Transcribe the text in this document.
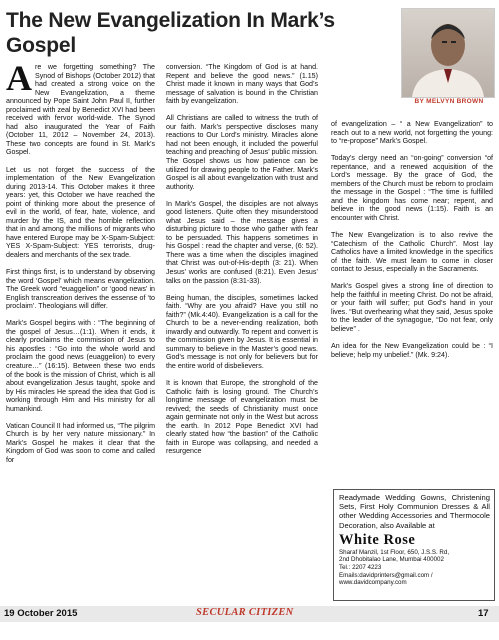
The New Evangelization In Mark’s Gospel
BY MELVYN BROWN

Are we forgetting something? The Synod of Bishops (October 2012) that had created a strong voice on the New Evangelization, a theme announced by Pope Saint John Paul II, further proclaimed with zeal by Benedict XVI had been received with fervor world-wide. The Synod had also inaugurated the Year of Faith (October 11, 2012 – November 24, 2013). These two concepts are found in St. Mark’s Gospel.

Let us not forget the success of the implementation of the New Evangelization during 2013-14. This October makes it three years: yet, this October we have reached the point of thinking more about the presence of evil in the world, of fear, hate, violence, and murder by the IS, and the horrible reflection that in and among the millions of migrants who have entered Europe may be X-Spam-Subject: YES X-Spam-Subject: YES terrorists, drug-dealers and merchants of the sex trade.

First things first, is to understand by observing the word ‘Gospel’ which means evangelization. The Greek word “euaggelion” or ‘good news’ in English transcreation derives the essense of ‘to proclaim’. Theologians will differ.

Mark’s Gospel begins with : “The beginning of the gospel of Jesus…(1:1). When it ends, it clearly proclaims the commission of Jesus to his apostles : “Go into the whole world and proclaim the good news (euaggelion) to every creature…” (16:15). Between these two ends of the book is the mission of Christ, which is all about evangelization Jesus taught, spoke and by His miracles He spread the idea that God is working through Him and His ministry for all humankind.

Vatican Council II had informed us, “The pilgrim Church is by her very nature missionary.” In Mark’s Gospel he makes it clear that the Kingdom of God was soon to come and called for

conversion. “The Kingdom of God is at hand. Repent and believe the good news.” (1.15) Christ made it known in many ways that God’s message of salvation is bound in the Christian faith by evangelization.

All Christians are called to witness the truth of our faith. Mark’s perspective discloses many reactions to Our Lord’s ministry. Miracles alone had not been enough, it included the powerful teaching and preaching of Jesus’ public mission. The Gospel shows us how patience can be utilized for drawing people to the Father. Mark’s Gospel is all about evangelization with trust and authority.

In Mark’s Gospel, the disciples are not always good listeners. Quite often they misunderstood what Jesus said – the message gives a disturbing picture to those who gather with fear to be persuaded. This happens sometimes in his Gospel : read the chapter and verse, (6: 52). There was a time when the disciples imagined that Christ was out-of-His-depth (3: 21). When Jesus’ works are confused (8:21). Even Jesus’ talks on the passion (8:31-33).

Being human, the disciples, sometimes lacked faith. “Why are you afraid? Have you still no faith?” (Mk.4:40). Evangelization is a call for the Church to be a never-ending realization, both inwardly and outwardly. To repent and convert is the commission given by Jesus. It is essential in summary to believe in the Master’s good news. God’s message is not only for believers but for the entire world of disbelievers.

It is known that Europe, the stronghold of the Catholic faith is losing ground. The Church’s longtime message of evangelization must be revived; the seeds of Christianity must once again germinate not only in the West but across the earth. In 2012 Pope Benedict XVI had clearly stated how “the bastion” of the Catholic faith in Europe was collapsing, and needed a resurgence

of evangelization – “ a New Evangelization” to reach out to a new world, not forgetting the young: to “re-propose” Mark’s Gospel.

Today’s clergy need an “on-going” conversion “of repentance, and a renewed acquisition of the Lord’s message. By the grace of God, the members of the Church must be reborn to proclaim the message in the Gospel : “The time is fulfilled and the kingdom has come near; repent, and believe in the good news (1:15). Faith is an encounter with Christ.

The New Evangelization is to also revive the “Catechism of the Catholic Church”. Most lay Catholics have a limited knowledge in the specifics of the faith. We must learn to come in closer contact to Jesus, especially in the Sacraments.

Mark’s Gospel gives a strong line of direction to help the faithful in meeting Christ. Do not be afraid, or your faith will suffer; put God’s hand in your lives. “But overhearing what they said, Jesus spoke to the leader of the synagogue, “Do not fear, only believe” .

An idea for the New Evangelization could be : “I believe; help my unbelief.” (Mk. 9:24).

Readymade Wedding Gowns, Christening Sets, First Holy Communion Dresses & All other Wedding Accessories and Thermocole Decoration, also Available at
White Rose
Sharaf Manzil, 1st Floor, 650, J.S.S. Rd,
2nd Dhobitalao Lane, Mumbai 400002
Tel.: 2207 4223
Emails:davidprinters@gmail.com /
www.davidcompany.com
19 October 2015	SECULAR CITIZEN	17
